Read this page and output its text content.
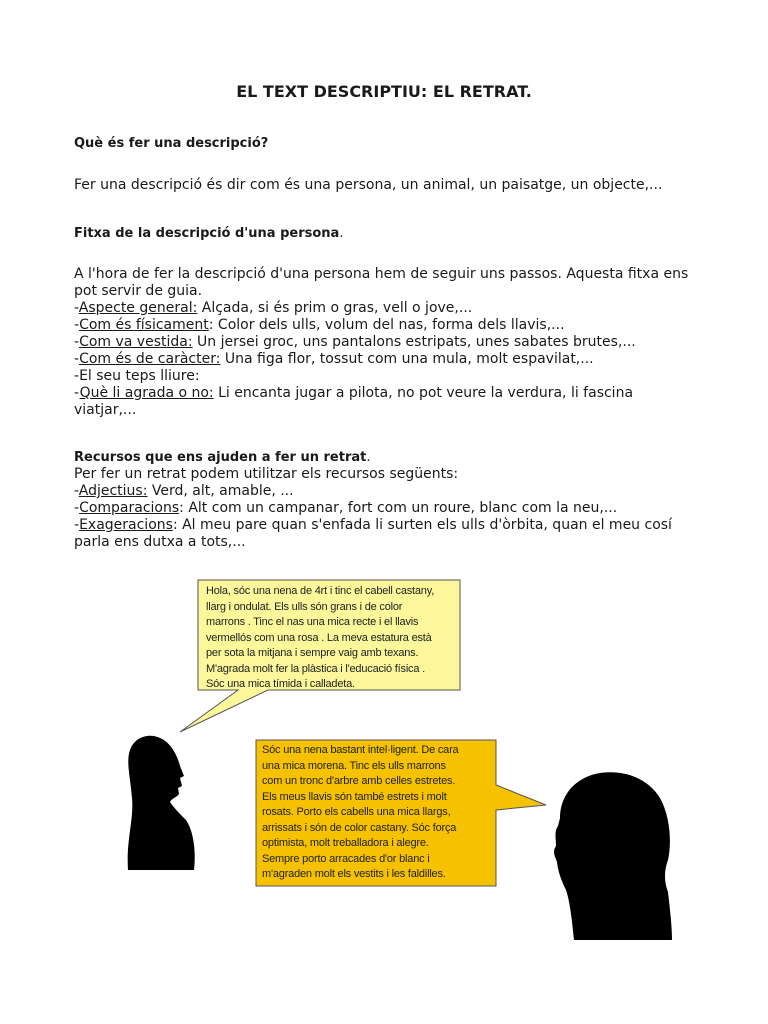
EL TEXT DESCRIPTIU: EL RETRAT.
Què és fer una descripció?
Fer una descripció és dir com és una persona, un animal, un paisatge, un objecte,...
Fitxa de la descripció d'una persona.

A l'hora de fer la descripció d'una persona hem de seguir uns passos. Aquesta fitxa ens pot servir de guia.

-Aspecte general: Alçada, si és prim o gras, vell o jove,...

-Com és físicament: Color dels ulls, volum del nas, forma dels llavis,...

-Com va vestida: Un jersei groc, uns pantalons estripats, unes sabates brutes,...

-Com és de caràcter: Una figa flor, tossut com una mula, molt espavilat,...

-El seu teps lliure:

-Què li agrada o no: Li encanta jugar a pilota, no pot veure la verdura, li fascina viatjar,...

Recursos que ens ajuden a fer un retrat.

Per fer un retrat podem utilitzar els recursos següents:

-Adjectius: Verd, alt, amable, ...

-Comparacions: Alt com un campanar, fort com un roure, blanc com la neu,...

-Exageracions: Al meu pare quan s'enfada li surten els ulls d'òrbita, quan el meu cosí parla ens dutxa a tots,...

Hola, sóc una nena de 4rt i tinc el cabell castany,
llarg i ondulat. Els ulls són grans i de color
marrons . Tinc el nas una mica recte i el llavis
vermellós com una rosa . La meva estatura està
per sota la mitjana i sempre vaig amb texans.
M'agrada molt fer la plàstica i l'educació física .
Sóc una mica tímida i calladeta.
Sóc una nena bastant intel·ligent. De cara
una mica morena. Tinc els ulls marrons
com un tronc d'arbre amb celles estretes.
Els meus llavis són també estrets i molt
rosats. Porto els cabells una mica llargs,
arrissats i són de color castany. Sóc força
optimista, molt treballadora i alegre.
Sempre porto arracades d'or blanc i
m'agraden molt els vestits i les faldilles.
